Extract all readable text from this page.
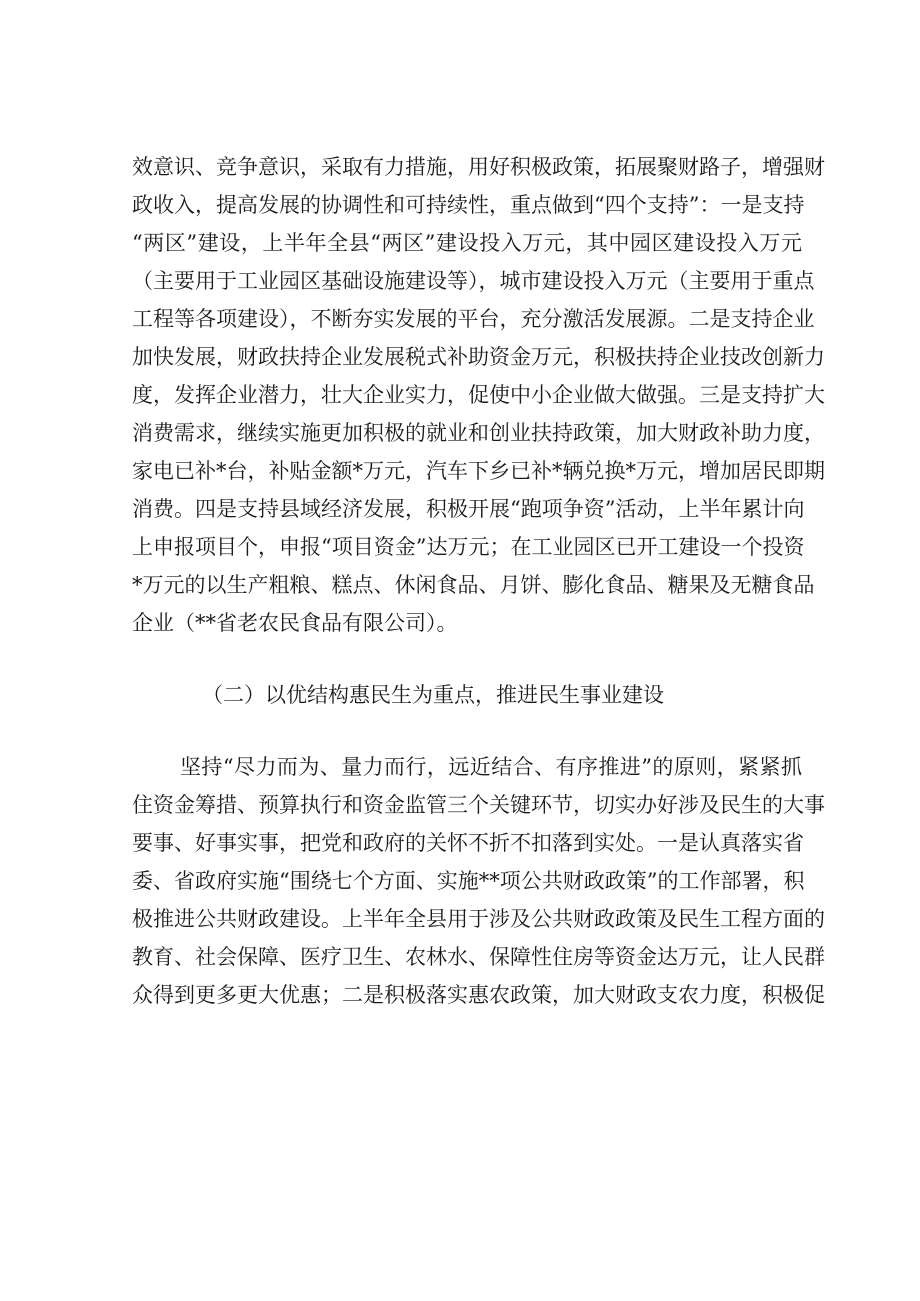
效意识、竞争意识，采取有力措施，用好积极政策，拓展聚财路子，增强财
政收入，提高发展的协调性和可持续性，重点做到“四个支持”：一是支持
“两区”建设，上半年全县“两区”建设投入万元，其中园区建设投入万元
（主要用于工业园区基础设施建设等），城市建设投入万元（主要用于重点
工程等各项建设），不断夯实发展的平台，充分激活发展源。二是支持企业
加快发展，财政扶持企业发展税式补助资金万元，积极扶持企业技改创新力
度，发挥企业潜力，壮大企业实力，促使中小企业做大做强。三是支持扩大
消费需求，继续实施更加积极的就业和创业扶持政策，加大财政补助力度，
家电已补*台，补贴金额*万元，汽车下乡已补*辆兑换*万元，增加居民即期
消费。四是支持县域经济发展，积极开展“跑项争资”活动，上半年累计向
上申报项目个，申报“项目资金”达万元；在工业园区已开工建设一个投资
*万元的以生产粗粮、糕点、休闲食品、月饼、膨化食品、糖果及无糖食品
企业（**省老农民食品有限公司）。
（二）以优结构惠民生为重点，推进民生事业建设
坚持“尽力而为、量力而行，远近结合、有序推进”的原则，紧紧抓
住资金筹措、预算执行和资金监管三个关键环节，切实办好涉及民生的大事
要事、好事实事，把党和政府的关怀不折不扣落到实处。一是认真落实省
委、省政府实施“围绕七个方面、实施**项公共财政政策”的工作部署，积
极推进公共财政建设。上半年全县用于涉及公共财政政策及民生工程方面的
教育、社会保障、医疗卫生、农林水、保障性住房等资金达万元，让人民群
众得到更多更大优惠；二是积极落实惠农政策，加大财政支农力度，积极促
